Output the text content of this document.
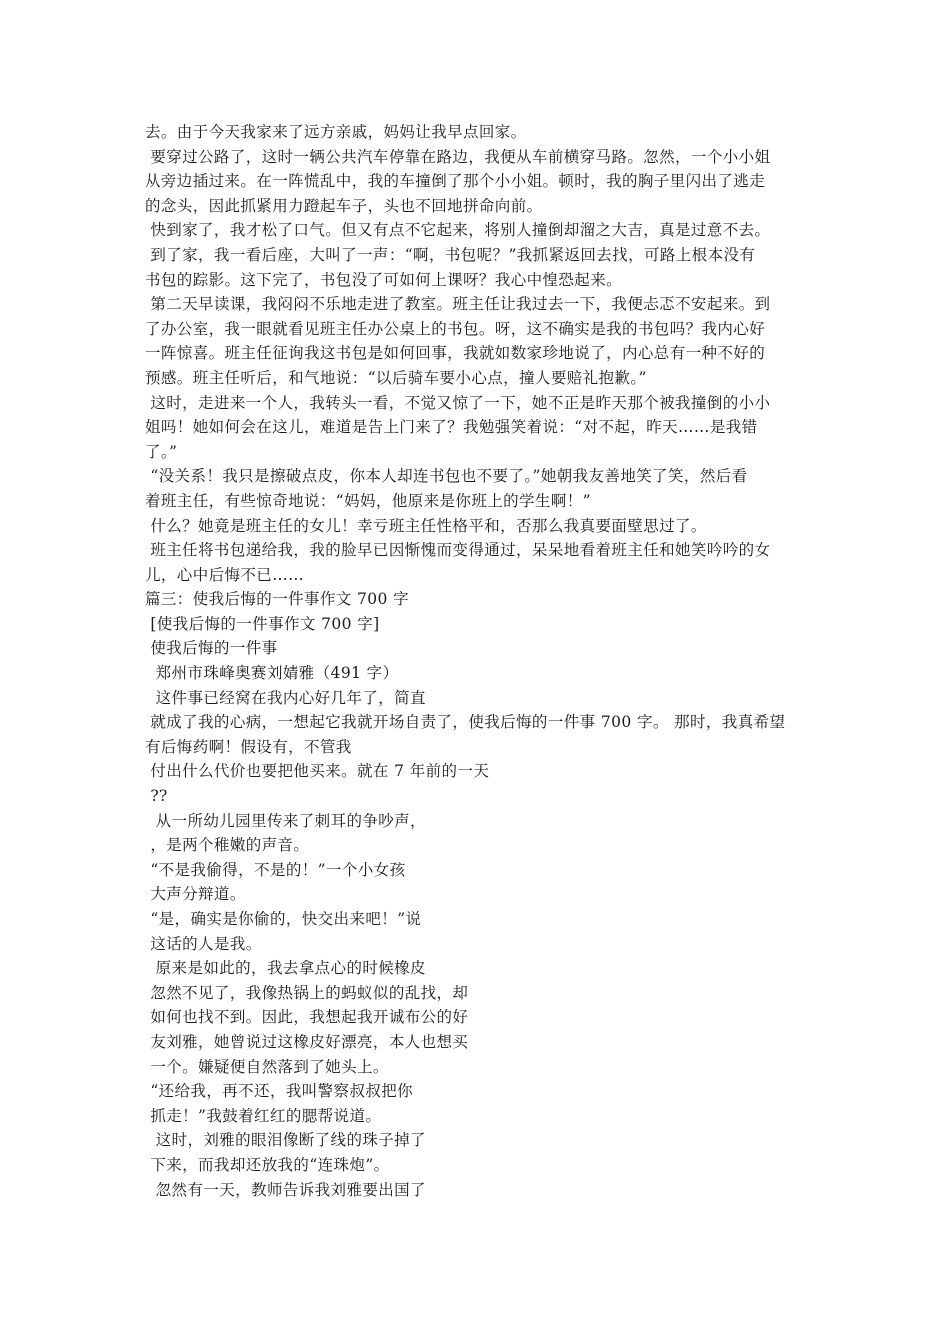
去。由于今天我家来了远方亲戚，妈妈让我早点回家。
要穿过公路了，这时一辆公共汽车停靠在路边，我便从车前横穿马路。忽然，一个小小姐
从旁边插过来。在一阵慌乱中，我的车撞倒了那个小小姐。顿时，我的胸子里闪出了逃走
的念头，因此抓紧用力蹬起车子，头也不回地拼命向前。
快到家了，我才松了口气。但又有点不它起来，将别人撞倒却溜之大吉，真是过意不去。
到了家，我一看后座，大叫了一声：“啊，书包呢？”我抓紧返回去找，可路上根本没有
书包的踪影。这下完了，书包没了可如何上课呀？我心中惶恐起来。
第二天早读课，我闷闷不乐地走进了教室。班主任让我过去一下，我便忐忑不安起来。到
了办公室，我一眼就看见班主任办公桌上的书包。呀，这不确实是我的书包吗？我内心好
一阵惊喜。班主任征询我这书包是如何回事，我就如数家珍地说了，内心总有一种不好的
预感。班主任听后，和气地说：“以后骑车要小心点，撞人要赔礼抱歉。”
这时，走进来一个人，我转头一看，不觉又惊了一下，她不正是昨天那个被我撞倒的小小
姐吗！她如何会在这儿，难道是告上门来了？我勉强笑着说：“对不起，昨天……是我错
了。”
“没关系！我只是擦破点皮，你本人却连书包也不要了。”她朝我友善地笑了笑，然后看
着班主任，有些惊奇地说：“妈妈，他原来是你班上的学生啊！”
什么？她竟是班主任的女儿！幸亏班主任性格平和，否那么我真要面壁思过了。
班主任将书包递给我，我的脸早已因惭愧而变得通过，呆呆地看着班主任和她笑吟吟的女
儿，心中后悔不已……
篇三：使我后悔的一件事作文 700 字
[使我后悔的一件事作文 700 字]
使我后悔的一件事
郑州市珠峰奥赛刘婧雅（491 字）
这件事已经窝在我内心好几年了，简直
就成了我的心病，一想起它我就开场自责了，使我后悔的一件事 700 字。 那时，我真希望
有后悔药啊！假设有，不管我
付出什么代价也要把他买来。就在 7 年前的一天
??
从一所幼儿园里传来了刺耳的争吵声，
，是两个稚嫩的声音。
“不是我偷得，不是的！”一个小女孩
大声分辩道。
“是，确实是你偷的，快交出来吧！”说
这话的人是我。
原来是如此的，我去拿点心的时候橡皮
忽然不见了，我像热锅上的蚂蚁似的乱找，却
如何也找不到。因此，我想起我开诚布公的好
友刘雅，她曾说过这橡皮好漂亮，本人也想买
一个。嫌疑便自然落到了她头上。
“还给我，再不还，我叫警察叔叔把你
抓走！”我鼓着红红的腮帮说道。
这时，刘雅的眼泪像断了线的珠子掉了
下来，而我却还放我的“连珠炮”。
忽然有一天，教师告诉我刘雅要出国了
